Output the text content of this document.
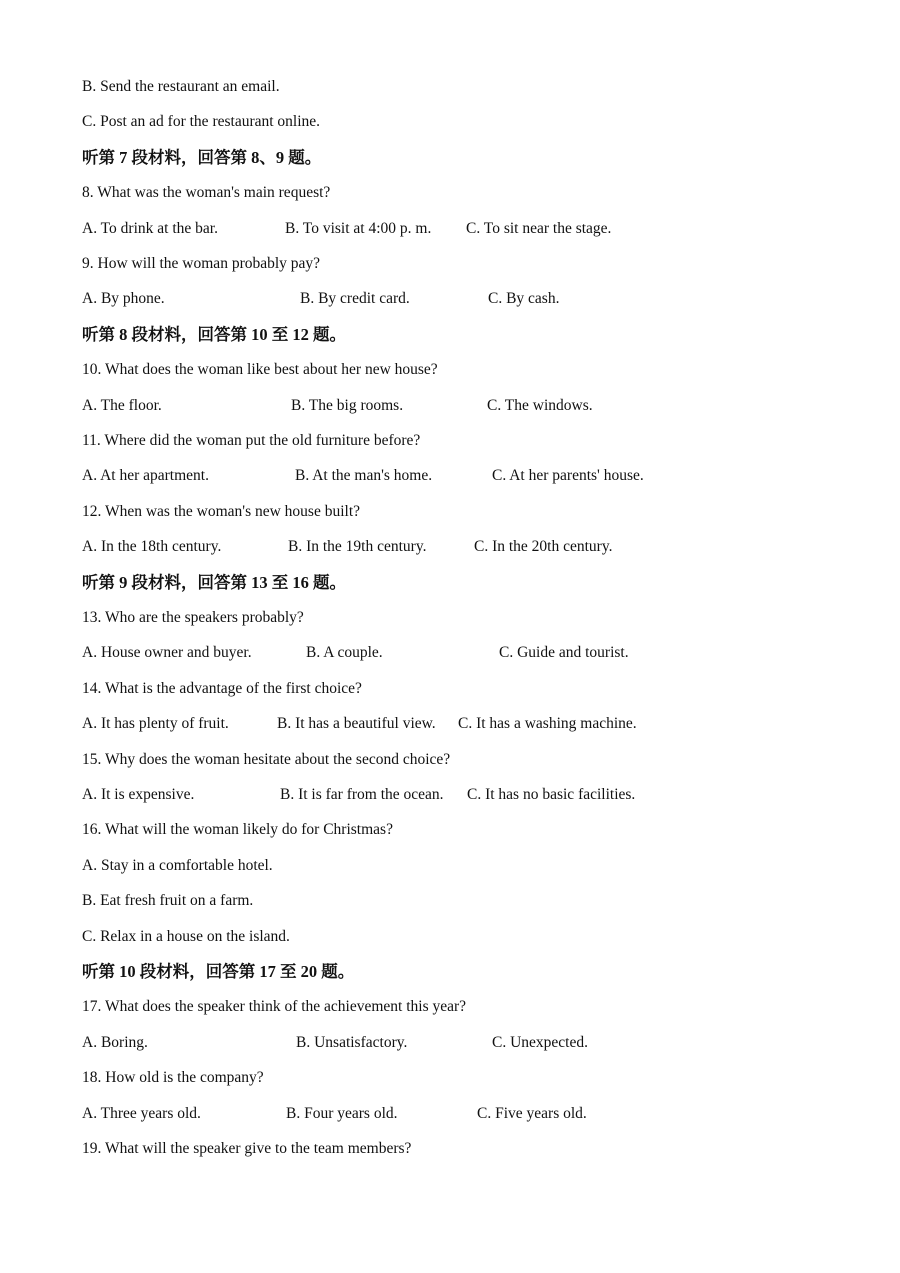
B. Send the restaurant an email.
C. Post an ad for the restaurant online.
听第 7 段材料，回答第 8、9 题。
8. What was the woman's main request?
A. To drink at the bar.	B. To visit at 4:00 p. m. C. To sit near the stage.
9. How will the woman probably pay?
A. By phone.	B. By credit card.	C. By cash.
听第 8 段材料，回答第 10 至 12 题。
10. What does the woman like best about her new house?
A. The floor.	B. The big rooms.	C. The windows.
11. Where did the woman put the old furniture before?
A. At her apartment.	B. At the man's home.	C. At her parents' house.
12. When was the woman's new house built?
A. In the 18th century.	B. In the 19th century.	C. In the 20th century.
听第 9 段材料，回答第 13 至 16 题。
13. Who are the speakers probably?
A. House owner and buyer.	B. A couple.	C. Guide and tourist.
14. What is the advantage of the first choice?
A. It has plenty of fruit.	B. It has a beautiful view. C. It has a washing machine.
15. Why does the woman hesitate about the second choice?
A. It is expensive.	B. It is far from the ocean. C. It has no basic facilities.
16. What will the woman likely do for Christmas?
A. Stay in a comfortable hotel.
B. Eat fresh fruit on a farm.
C. Relax in a house on the island.
听第 10 段材料，回答第 17 至 20 题。
17. What does the speaker think of the achievement this year?
A. Boring.	B. Unsatisfactory.	C. Unexpected.
18. How old is the company?
A. Three years old.	B. Four years old.	C. Five years old.
19. What will the speaker give to the team members?
